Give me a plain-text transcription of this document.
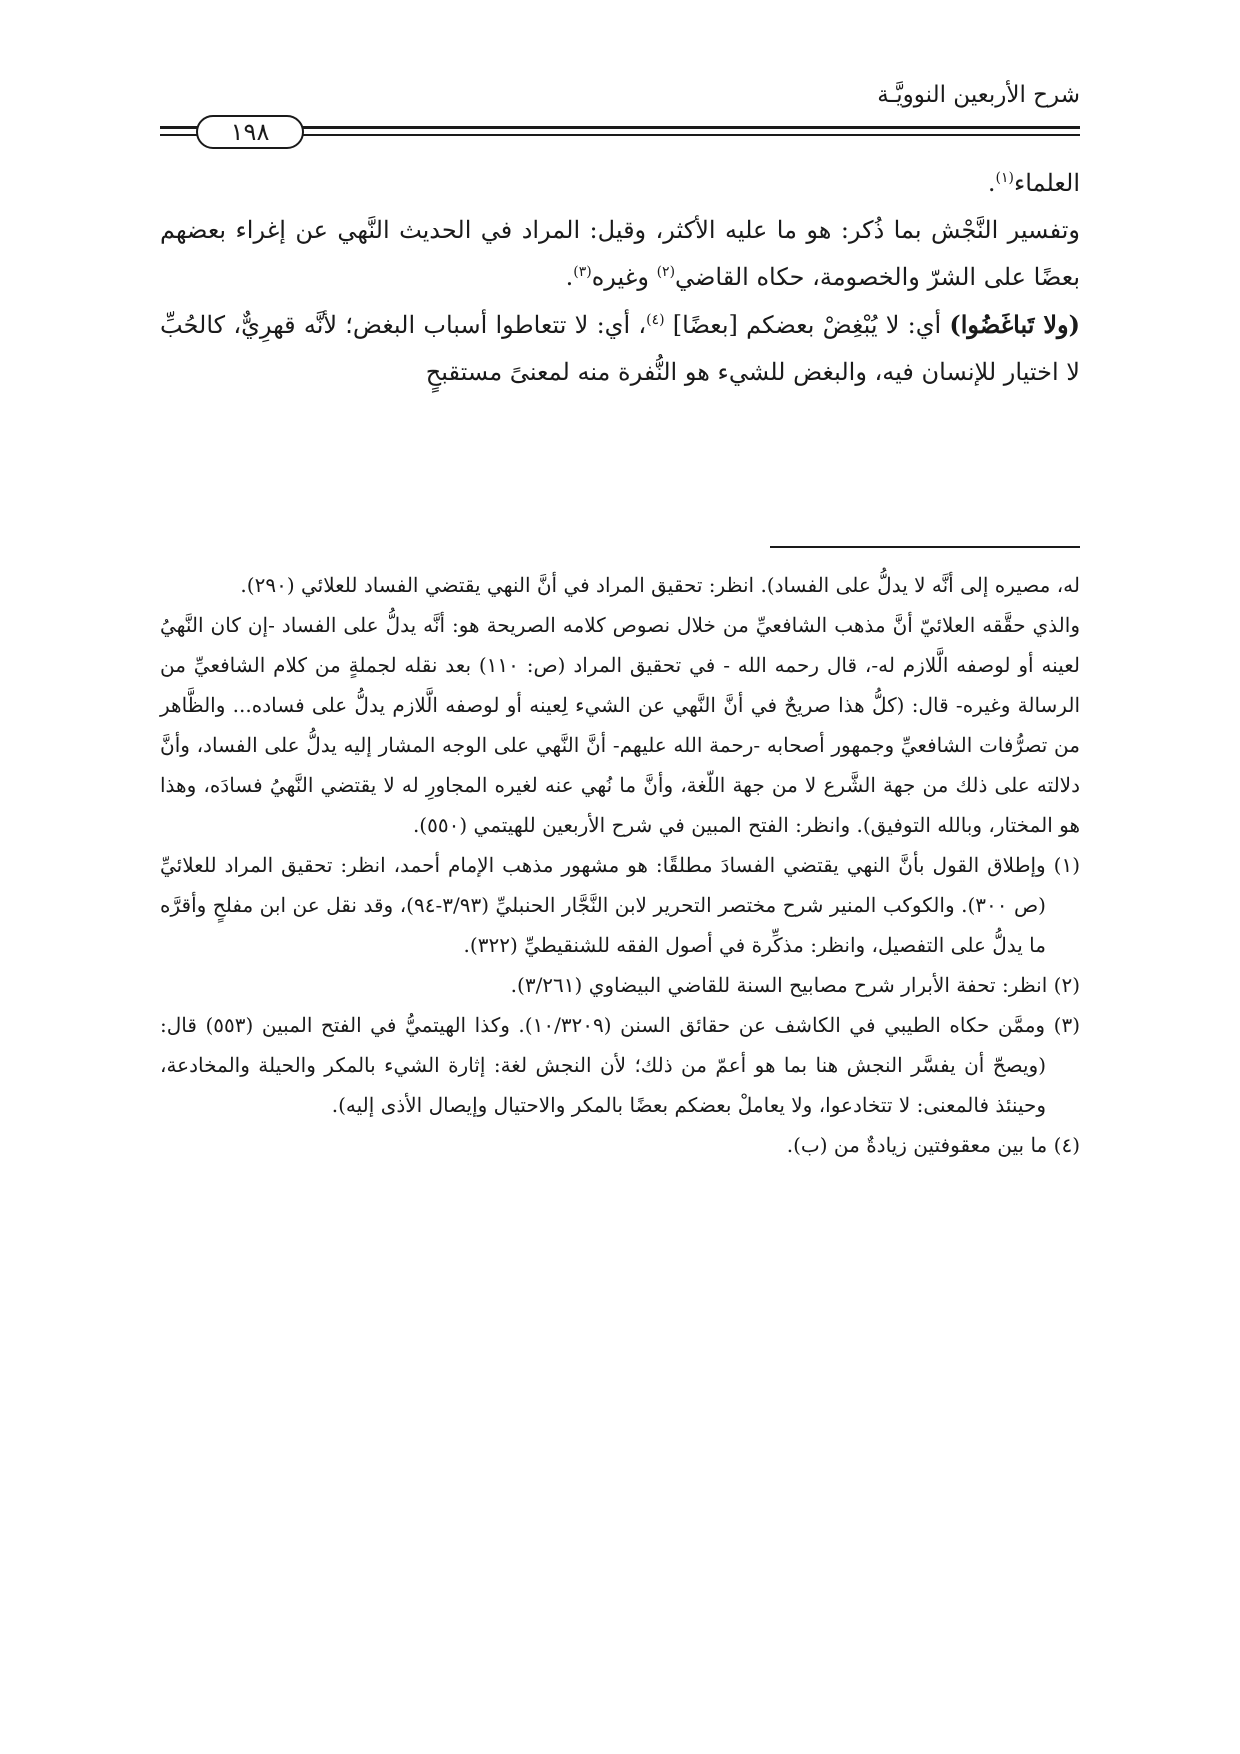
شرح الأربعين النوويَّـة
١٩٨

العلماء$^{(١)}$.

وتفسير النَّجْش بما ذُكر: هو ما عليه الأكثر، وقيل: المراد في الحديث النَّهي عن إغراء بعضهم بعضًا على الشرّ والخصومة، حكاه القاضي$^{(٢)}$ وغيره$^{(٣)}$.

(ولا تَباغَضُوا) أي: لا يُبْغِضْ بعضكم [بعضًا] $^{(٤)}$، أي: لا تتعاطوا أسباب البغض؛ لأنَّه قهرِيٌّ، كالحُبِّ لا اختيار للإنسان فيه، والبغض للشيء هو النُّفرة منه لمعنىً مستقبحٍ

له، مصيره إلى أنَّه لا يدلُّ على الفساد). انظر: تحقيق المراد في أنَّ النهي يقتضي الفساد للعلائي (٢٩٠).

والذي حقَّقه العلائيّ أنَّ مذهب الشافعيِّ من خلال نصوص كلامه الصريحة هو: أنَّه يدلُّ على الفساد -إن كان النَّهيُ لعينه أو لوصفه الَّلازم له-، قال رحمه الله - في تحقيق المراد (ص: ١١٠) بعد نقله لجملةٍ من كلام الشافعيِّ من الرسالة وغيره- قال: (كلُّ هذا صريحٌ في أنَّ النَّهي عن الشيء لِعينه أو لوصفه الَّلازم يدلُّ على فساده... والظَّاهر من تصرُّفات الشافعيِّ وجمهور أصحابه -رحمة الله عليهم- أنَّ النَّهي على الوجه المشار إليه يدلُّ على الفساد، وأنَّ دلالته على ذلك من جهة الشَّرع لا من جهة اللّغة، وأنَّ ما نُهي عنه لغيره المجاورِ له لا يقتضي النَّهيُ فسادَه، وهذا هو المختار، وبالله التوفيق). وانظر: الفتح المبين في شرح الأربعين للهيتمي (٥٥٠).

(١) وإطلاق القول بأنَّ النهي يقتضي الفسادَ مطلقًا: هو مشهور مذهب الإمام أحمد، انظر: تحقيق المراد للعلائيِّ (ص ٣٠٠). والكوكب المنير شرح مختصر التحرير لابن النَّجَّار الحنبليِّ (٣/٩٣-٩٤)، وقد نقل عن ابن مفلحٍ وأقرَّه ما يدلُّ على التفصيل، وانظر: مذكِّرة في أصول الفقه للشنقيطيِّ (٣٢٢).

(٢) انظر: تحفة الأبرار شرح مصابيح السنة للقاضي البيضاوي (٣/٢٦١).

(٣) وممَّن حكاه الطيبي في الكاشف عن حقائق السنن (١٠/٣٢٠٩). وكذا الهيتميُّ في الفتح المبين (٥٥٣) قال: (ويصحّ أن يفسَّر النجش هنا بما هو أعمّ من ذلك؛ لأن النجش لغة: إثارة الشيء بالمكر والحيلة والمخادعة، وحينئذ فالمعنى: لا تتخادعوا، ولا يعاملْ بعضكم بعضًا بالمكر والاحتيال وإيصال الأذى إليه).

(٤) ما بين معقوفتين زيادةٌ من (ب).
